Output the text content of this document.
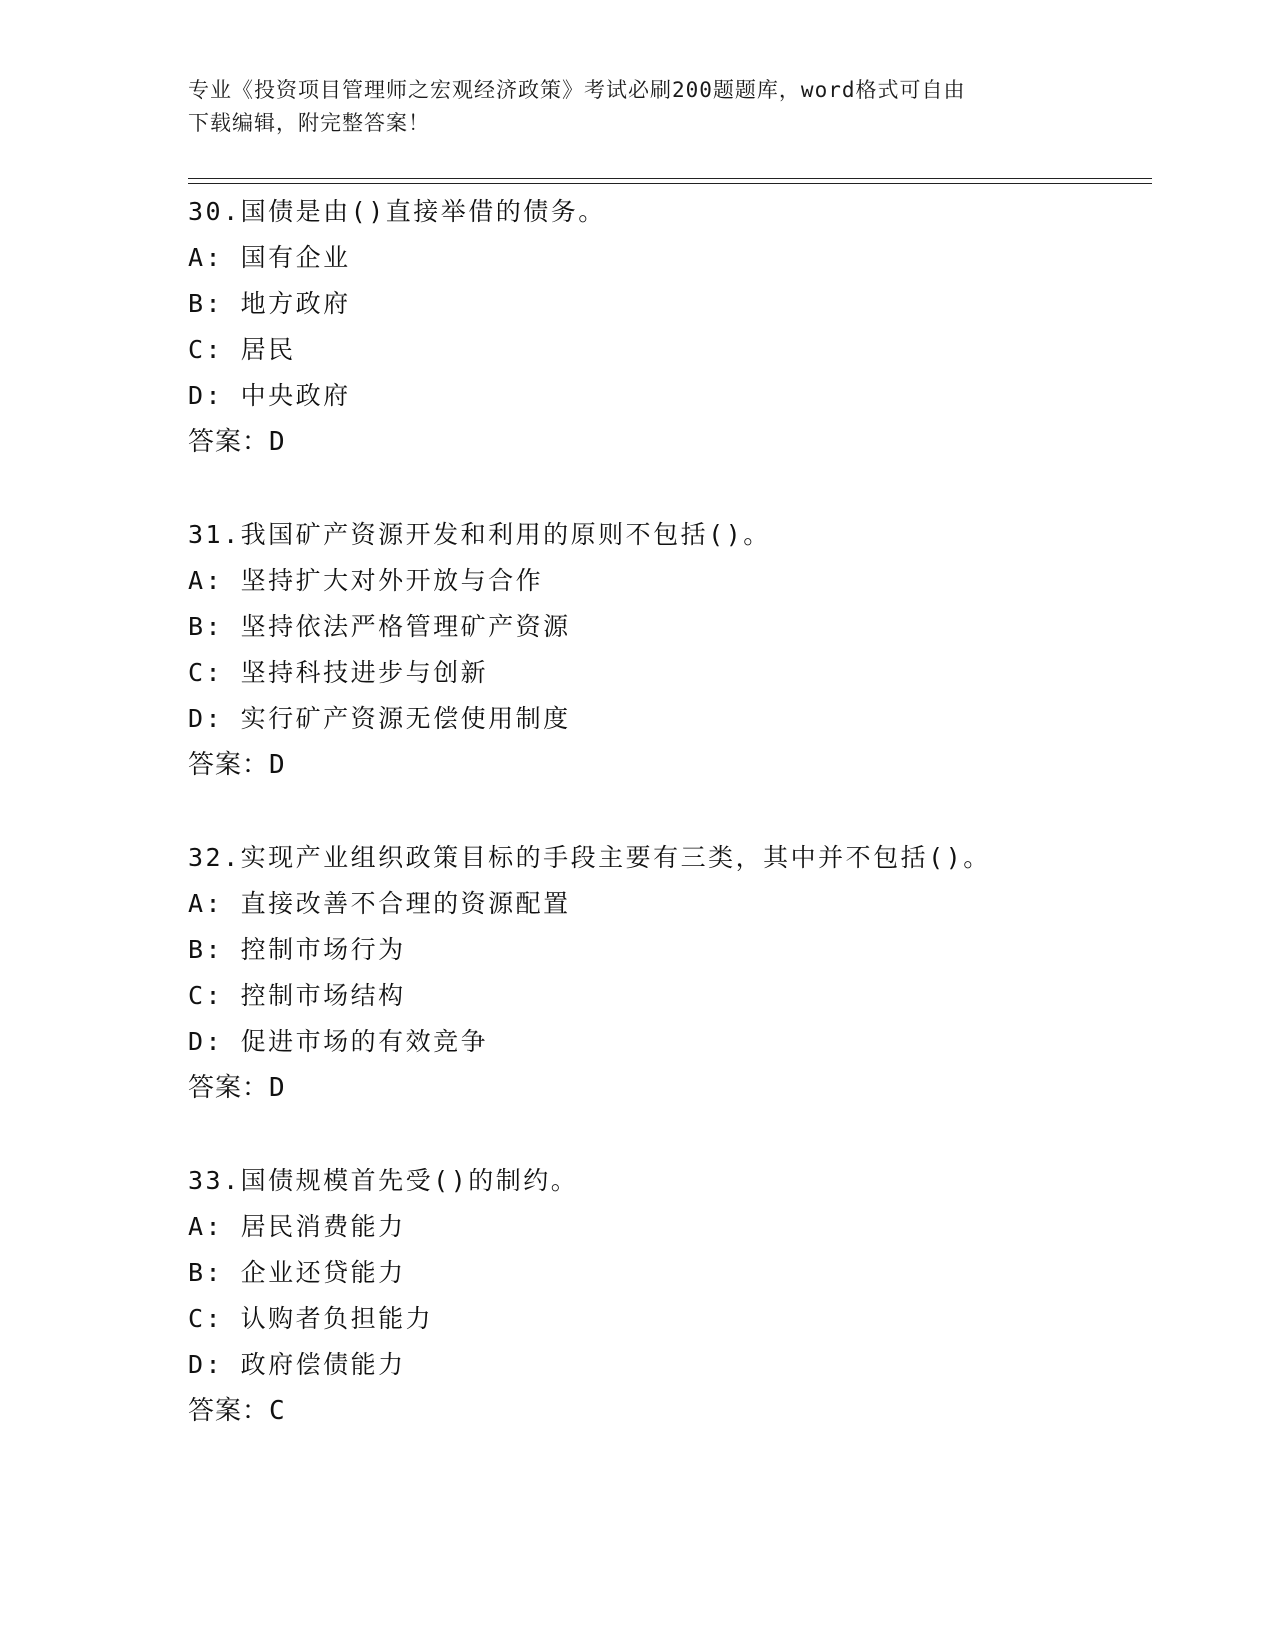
专业《投资项目管理师之宏观经济政策》考试必刷200题题库，word格式可自由
下载编辑，附完整答案！
30.国债是由()直接举借的债务。
A: 国有企业
B: 地方政府
C: 居民
D: 中央政府
答案：D
31.我国矿产资源开发和利用的原则不包括()。
A: 坚持扩大对外开放与合作
B: 坚持依法严格管理矿产资源
C: 坚持科技进步与创新
D: 实行矿产资源无偿使用制度
答案：D
32.实现产业组织政策目标的手段主要有三类，其中并不包括()。
A: 直接改善不合理的资源配置
B: 控制市场行为
C: 控制市场结构
D: 促进市场的有效竞争
答案：D
33.国债规模首先受()的制约。
A: 居民消费能力
B: 企业还贷能力
C: 认购者负担能力
D: 政府偿债能力
答案：C
